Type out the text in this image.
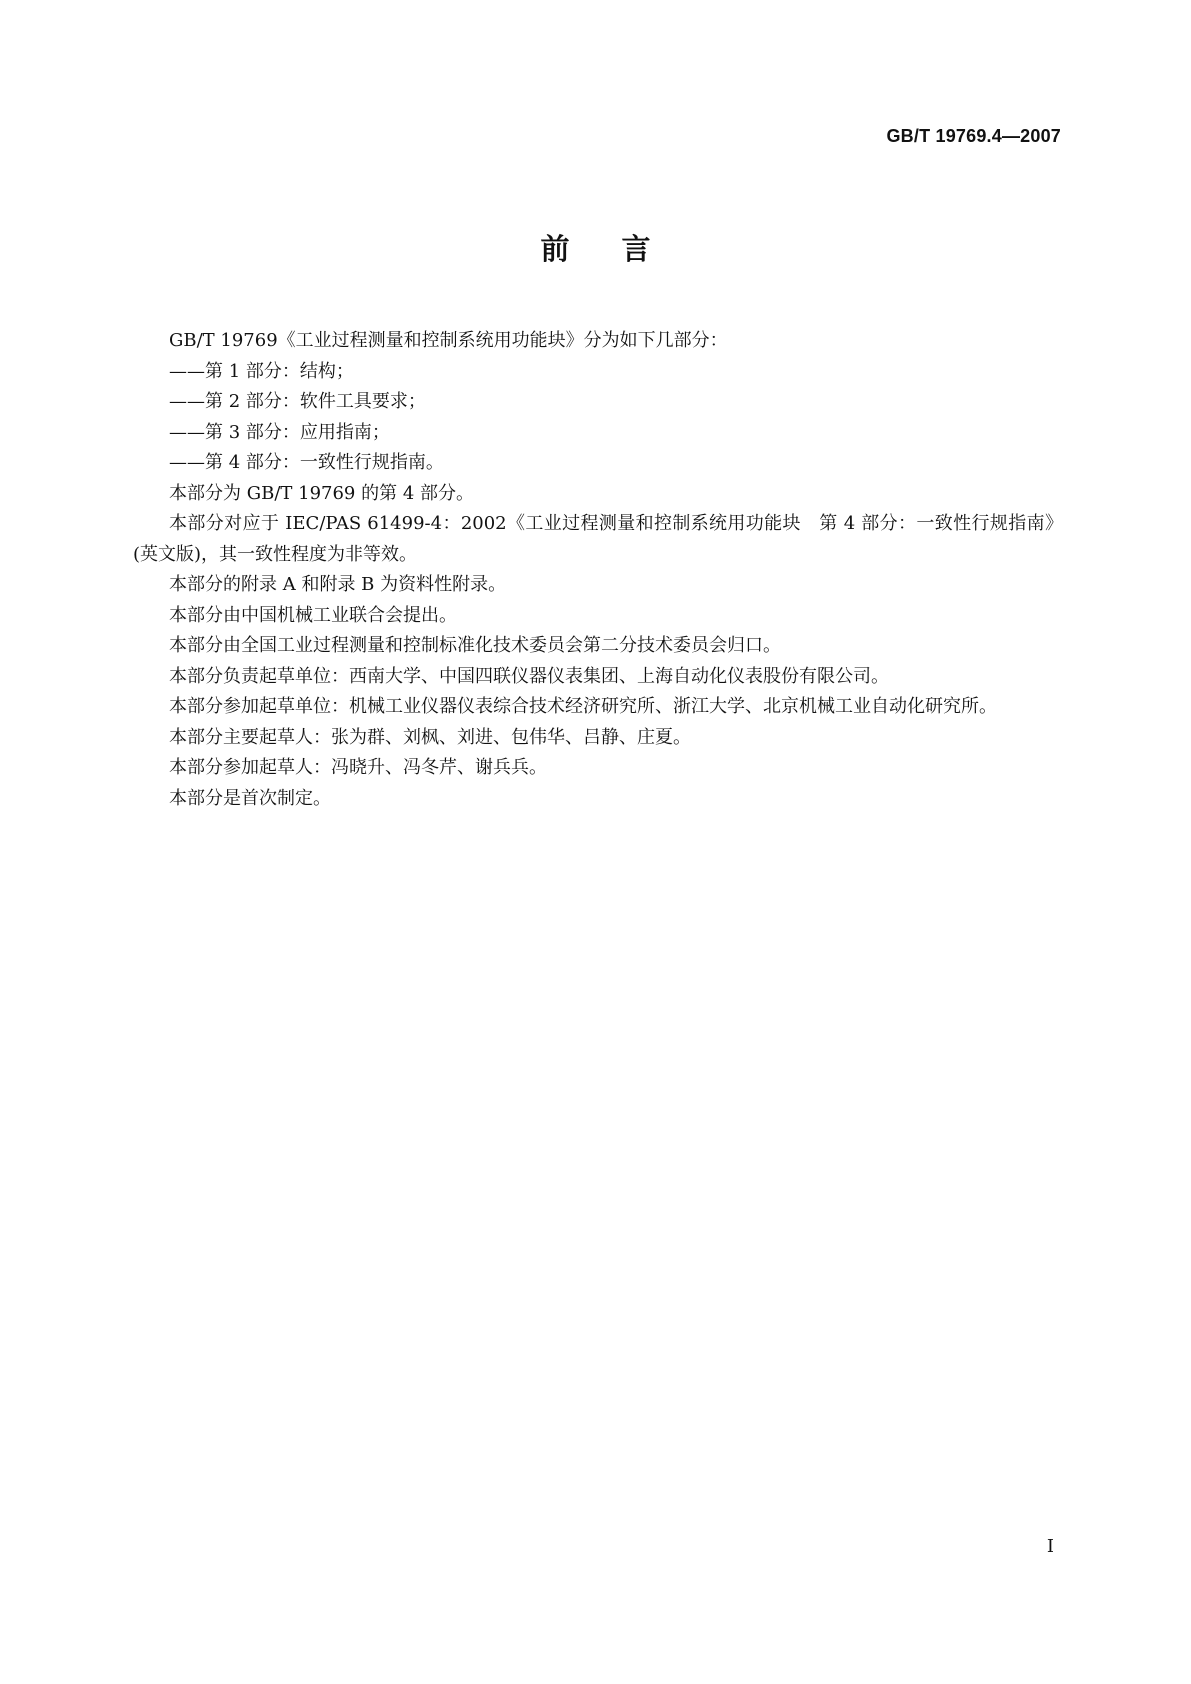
GB/T 19769.4—2007
前言

GB/T 19769《工业过程测量和控制系统用功能块》分为如下几部分：

——第 1 部分：结构；

——第 2 部分：软件工具要求；

——第 3 部分：应用指南；

——第 4 部分：一致性行规指南。

本部分为 GB/T 19769 的第 4 部分。

本部分对应于 IEC/PAS 61499-4：2002《工业过程测量和控制系统用功能块　第 4 部分：一致性行规指南》(英文版)，其一致性程度为非等效。

本部分的附录 A 和附录 B 为资料性附录。

本部分由中国机械工业联合会提出。

本部分由全国工业过程测量和控制标准化技术委员会第二分技术委员会归口。

本部分负责起草单位：西南大学、中国四联仪器仪表集团、上海自动化仪表股份有限公司。

本部分参加起草单位：机械工业仪器仪表综合技术经济研究所、浙江大学、北京机械工业自动化研究所。

本部分主要起草人：张为群、刘枫、刘进、包伟华、吕静、庄夏。

本部分参加起草人：冯晓升、冯冬芹、谢兵兵。

本部分是首次制定。

I
